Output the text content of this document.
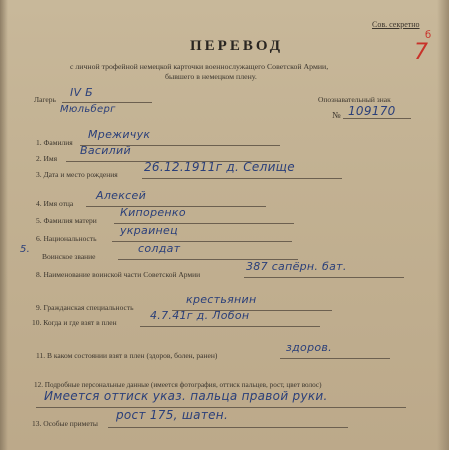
Сов. секретно
7
б
ПЕРЕВОД
с личной трофейной немецкой карточки военнослужащего Советской Армии,
бывшего в немецком плену.
Лагерь
IV Б
Мюльберг
Опознавательный знак
№ 109170
1. Фамилия
Мрежичук
2. Имя
Василий
3. Дата и место рождения
26.12.1911г д. Селище
4. Имя отца
Алексей
5. Фамилия матери
Кипоренко
6. Национальность
украинец
5.
Воинское звание
солдат
8. Наименование воинской части Советской Армии
387 сапёрн. бат.
9. Гражданская специальность
крестьянин
10. Когда и где взят в плен
4.7.41г д. Лобон
11. В каком состоянии взят в плен (здоров, болен, ранен)
здоров.
12. Подробные персональные данные (имеется фотография, оттиск пальцев, рост, цвет волос)
Имеется оттиск указ. пальца правой руки.
13. Особые приметы
рост 175, шатен.
